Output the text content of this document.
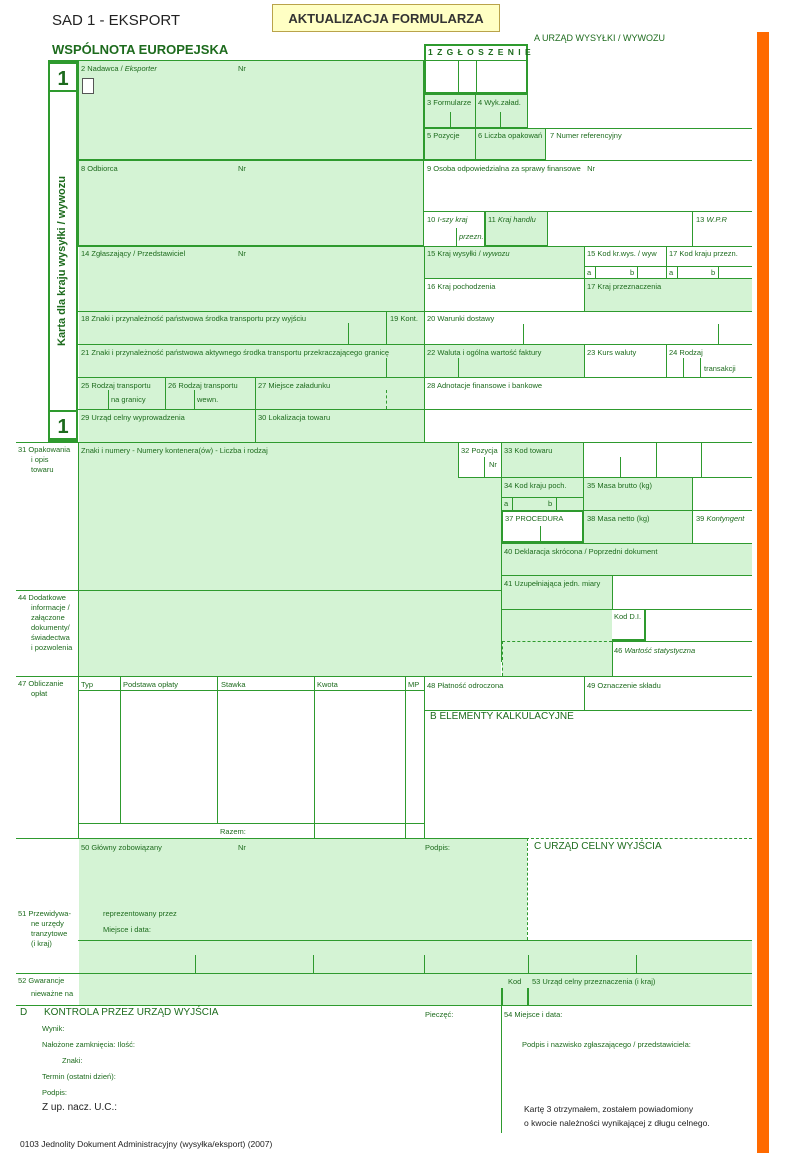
SAD 1 - EKSPORT	AKTUALIZACJA FORMULARZA
WSPÓLNOTA EUROPEJSKA
1
1
Karta dla kraju wysyłki / wywozu
2 Nadawca / Eksporter	Nr
1 Z G Ł O S Z E N I E
A URZĄD WYSYŁKI / WYWOZU
3 Formularze 4 Wyk.załad.
5 Pozycje 6 Liczba opakowań 7 Numer referencyjny
8 Odbiorca	Nr	9 Osoba odpowiedzialna za sprawy finansowe Nr
10 I-szy kraj
przezn.
11 Kraj handlu	13 W.P.R
14 Zgłaszający / Przedstawiciel	Nr	15 Kraj wysyłki / wywozu	15 Kod kr.wys. / wyw 17 Kod kraju przezn.
a	b	a	b
16 Kraj pochodzenia	17 Kraj przeznaczenia
18 Znaki i przynależność państwowa środka transportu przy wyjściu	19 Kont. 20 Warunki dostawy
21 Znaki i przynależność państwowa aktywnego środka transportu przekraczającego granicę	22 Waluta i ogólna wartość faktury	23 Kurs waluty	24 Rodzaj
transakcji
25 Rodzaj transportu
na granicy
26 Rodzaj transportu
wewn.
27 Miejsce załadunku	28 Adnotacje finansowe i bankowe
29 Urząd celny wyprowadzenia	30 Lokalizacja towaru
31 Opakowania
i opis
towaru
Znaki i numery - Numery kontenera(ów) - Liczba i rodzaj	32 Pozycja
Nr
33 Kod towaru
34 Kod kraju poch.
a	b
35 Masa brutto (kg)
37 PROCEDURA	38 Masa netto (kg)	39 Kontyngent
40 Deklaracja skrócona / Poprzedni dokument
41 Uzupełniająca jedn. miary
44 Dodatkowe
informacje /
załączone
dokumenty/
świadectwa
i pozwolenia
Kod D.I.
46 Wartość statystyczna
47 Obliczanie
opłat
Typ	Podstawa opłaty	Stawka	Kwota	MP
Razem:
48 Płatność odroczona	49 Oznaczenie składu
B ELEMENTY KALKULACYJNE
50 Główny zobowiązany	Nr	Podpis:
reprezentowany przez
Miejsce i data:
C URZĄD CELNY WYJŚCIA
51 Przewidywa-
ne urzędy
tranzytowe
(i kraj)
52 Gwarancje
nieważne na
Kod 53 Urząd celny przeznaczenia (i kraj)
D KONTROLA PRZEZ URZĄD WYJŚCIA	Pieczęć:
Wynik:
Nałożone zamknięcia: Ilość:
Znaki:
Termin (ostatni dzień):
Podpis:
Z up. nacz. U.C.:
54 Miejsce i data:
Podpis i nazwisko zgłaszającego / przedstawiciela:
Kartę 3 otrzymałem, zostałem powiadomiony
o kwocie należności wynikającej z długu celnego.
0103 Jednolity Dokument Administracyjny (wysyłka/eksport) (2007)
